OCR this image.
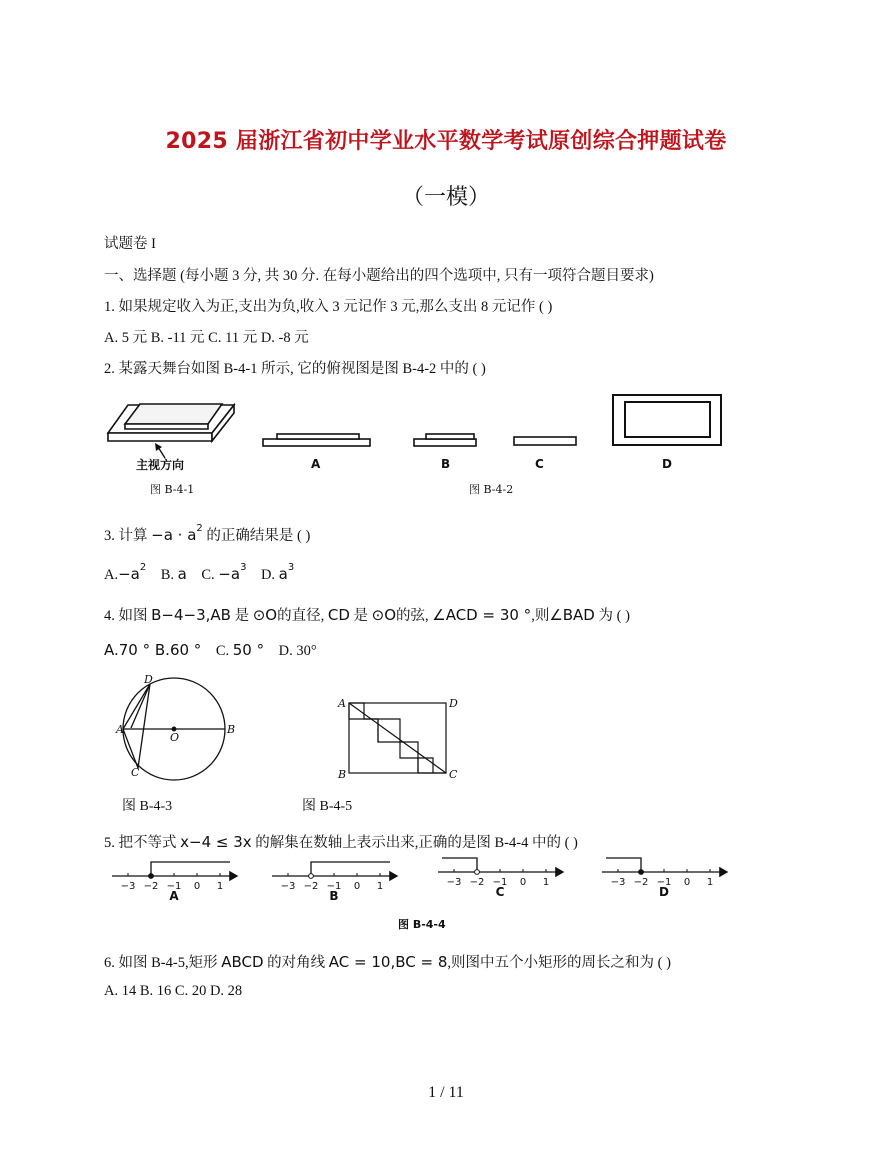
2025 届浙江省初中学业水平数学考试原创综合押题试卷
（一模）
试题卷 I
一、选择题 (每小题 3 分, 共 30 分. 在每小题给出的四个选项中, 只有一项符合题目要求)
1. 如果规定收入为正,支出为负,收入 3 元记作 3 元,那么支出 8 元记作 ( )
A. 5 元 B. -11 元 C. 11 元 D. -8 元
2. 某露天舞台如图 B-4-1 所示, 它的俯视图是图 B-4-2 中的 ( )
主视方向
图 B-4-1
A	B	C	D
图 B-4-2
3. 计算 $-a \cdot a^2$ 的正确结果是 ( )
$A.-a^2$ B. a C. $-a^3$ D. $a^3$
4. 如图 B−4−3,AB 是 ⊙O的直径, CD 是 ⊙O的弦, ∠ACD = 30 °,则∠BAD 为 ( )
A.70 ° B.60 ° C. 50 ° D. 30°
D
A
O
B
C
图 B-4-3
A	D
B	C
图 B-4-5
5. 把不等式 x−4 ≤ 3x 的解集在数轴上表示出来,正确的是图 B-4-4 中的 ( )
−3 −2 −1 0 1
A
−3 −2 −1 0 1
B
−3 −2 −1 0 1
C
−3 −2 −1 0 1
D
图 B-4-4
6. 如图 B-4-5,矩形 ABCD 的对角线 AC = 10,BC = 8,则图中五个小矩形的周长之和为 ( )
A. 14 B. 16 C. 20 D. 28
1 / 11
